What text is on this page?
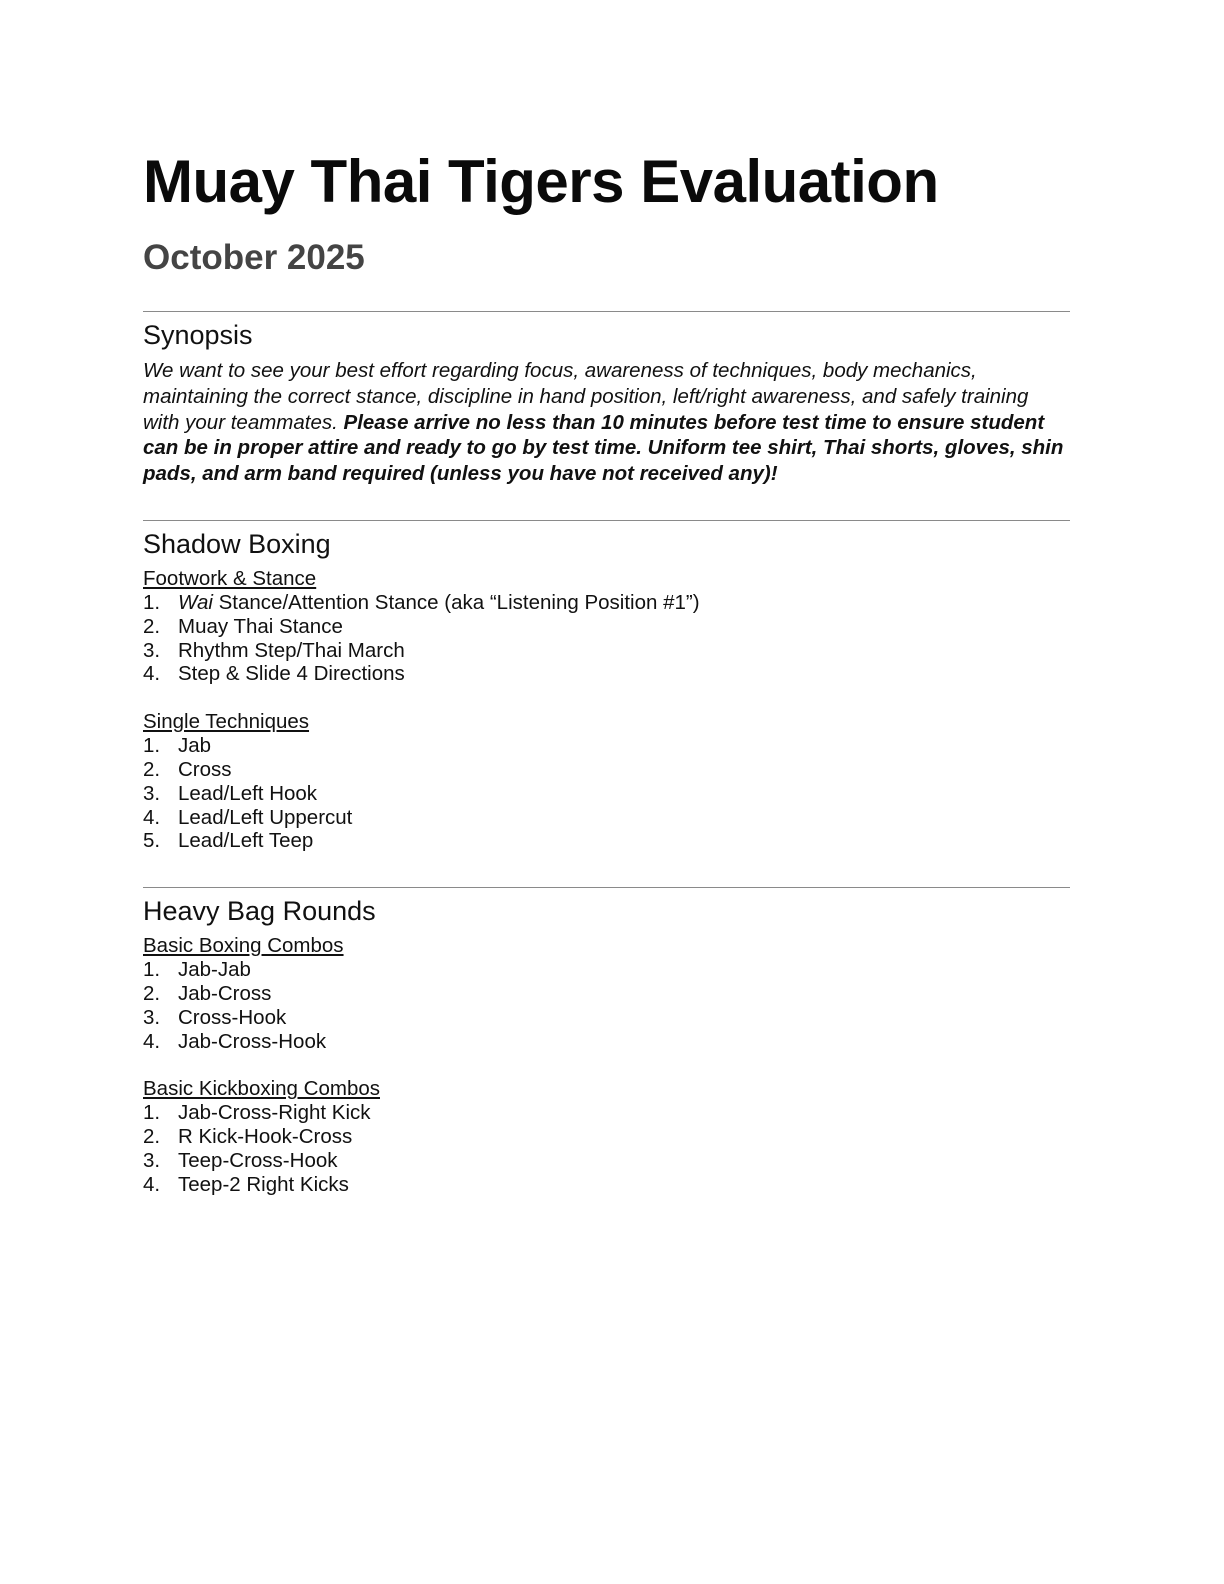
Muay Thai Tigers Evaluation
October 2025
Synopsis

We want to see your best effort regarding focus, awareness of techniques, body mechanics, maintaining the correct stance, discipline in hand position, left/right awareness, and safely training with your teammates. Please arrive no less than 10 minutes before test time to ensure student can be in proper attire and ready to go by test time. Uniform tee shirt, Thai shorts, gloves, shin pads, and arm band required (unless you have not received any)!

Shadow Boxing
Footwork & Stance
1. Wai Stance/Attention Stance (aka “Listening Position #1”)
2. Muay Thai Stance
3. Rhythm Step/Thai March
4. Step & Slide 4 Directions
Single Techniques
1. Jab
2. Cross
3. Lead/Left Hook
4. Lead/Left Uppercut
5. Lead/Left Teep
Heavy Bag Rounds
Basic Boxing Combos
1. Jab-Jab
2. Jab-Cross
3. Cross-Hook
4. Jab-Cross-Hook
Basic Kickboxing Combos
1. Jab-Cross-Right Kick
2. R Kick-Hook-Cross
3. Teep-Cross-Hook
4. Teep-2 Right Kicks
